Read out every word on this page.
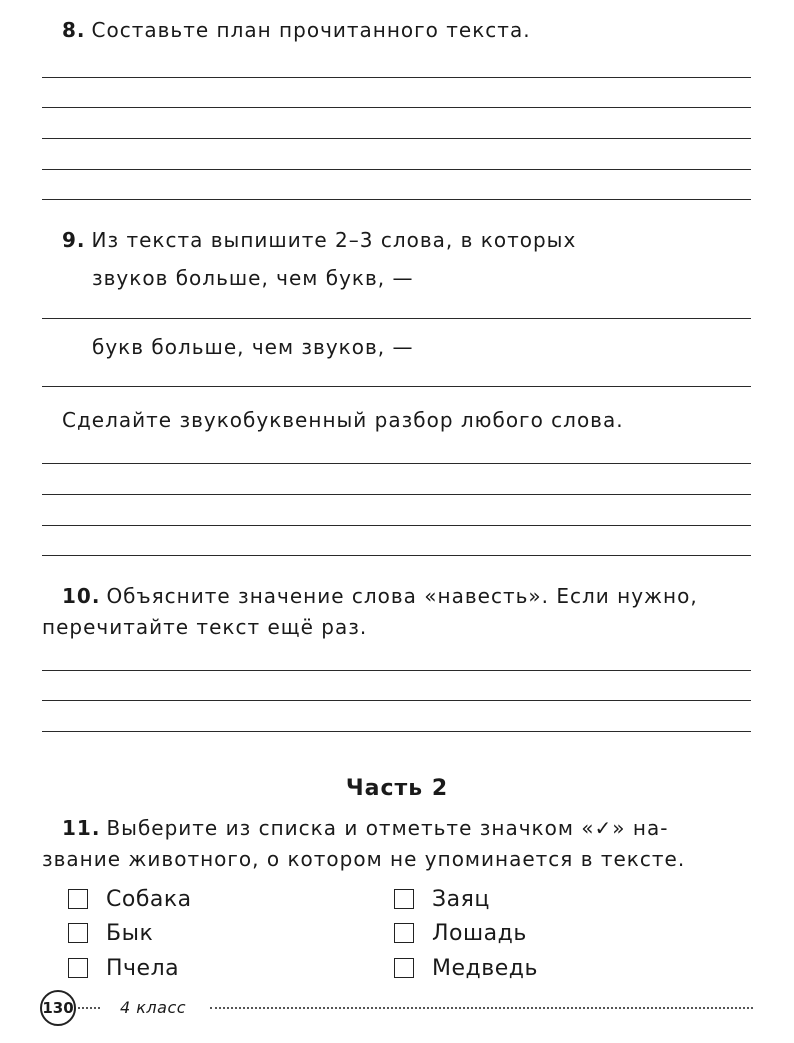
8. Составьте план прочитанного текста.
9. Из текста выпишите 2–3 слова, в которых
звуков больше, чем букв, —
букв больше, чем звуков, —
Сделайте звукобуквенный разбор любого слова.
10. Объясните значение слова «навесть». Если нужно,
перечитайте текст ещё раз.
Часть 2
11. Выберите из списка и отметьте значком «✓» на-
звание животного, о котором не упоминается в тексте.
Собака
Бык
Пчела
Заяц
Лошадь
Медведь
130	4 класс
